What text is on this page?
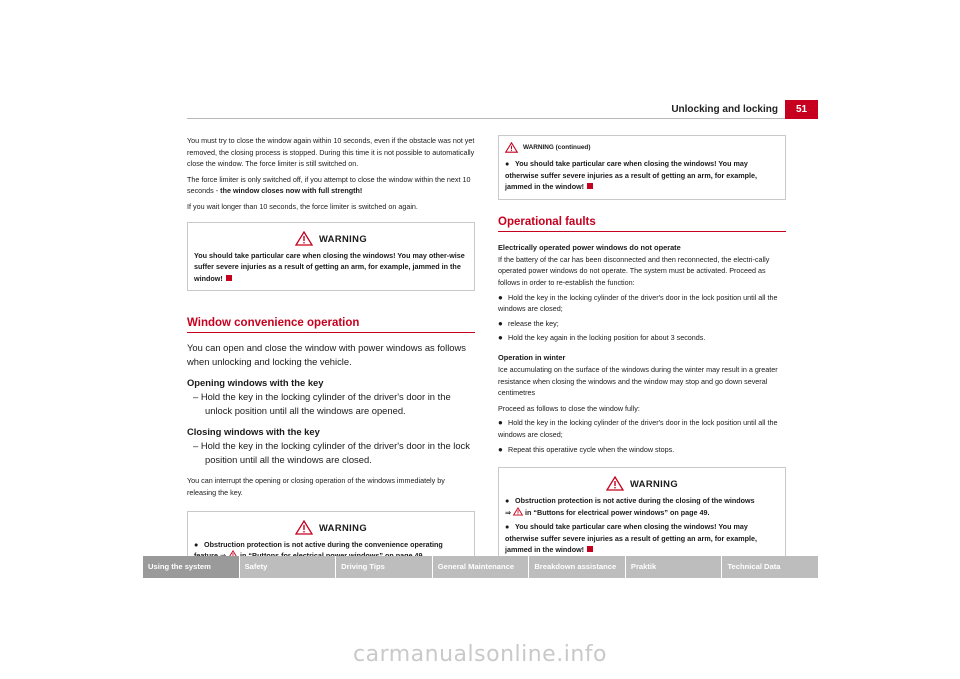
Unlocking and locking	51

You must try to close the window again within 10 seconds, even if the obstacle was not yet removed, the closing process is stopped. During this time it is not possible to automatically close the window. The force limiter is still switched on.

The force limiter is only switched off, if you attempt to close the window within the next 10 seconds - the window closes now with full strength!

If you wait longer than 10 seconds, the force limiter is switched on again.

WARNING

You should take particular care when closing the windows! You may other-wise suffer severe injuries as a result of getting an arm, for example, jammed in the window!

Window convenience operation

You can open and close the window with power windows as follows when unlocking and locking the vehicle.

Opening windows with the key

– Hold the key in the locking cylinder of the driver's door in the unlock position until all the windows are opened.

Closing windows with the key

– Hold the key in the locking cylinder of the driver's door in the lock position until all the windows are closed.

You can interrupt the opening or closing operation of the windows immediately by releasing the key.

WARNING

● Obstruction protection is not active during the convenience operating

WARNING (continued)

● You should take particular care when closing the windows! You may otherwise suffer severe injuries as a result of getting an arm, for example, jammed in the window!

Operational faults

Electrically operated power windows do not operate

If the battery of the car has been disconnected and then reconnected, the electri-cally operated power windows do not operate. The system must be activated. Proceed as follows in order to re-establish the function:

● Hold the key in the locking cylinder of the driver's door in the lock position until all the windows are closed;

● release the key;

● Hold the key again in the locking position for about 3 seconds.

Operation in winter

Ice accumulating on the surface of the windows during the winter may result in a greater resistance when closing the windows and the window may stop and go down several centimetres

Proceed as follows to close the window fully:

● Hold the key in the locking cylinder of the driver's door in the lock position until all the windows are closed;

● Repeat this operatiive cycle when the window stops.

WARNING

● Obstruction protection is not active during the closing of the windows
⇒  in “Buttons for electrical power windows” on page 49.

● You should take particular care when closing the windows! You may otherwise suffer severe injuries as a result of getting an arm, for example, jammed in the window!

Using the system	Safety	Driving Tips	General Maintenance	Breakdown assistance	Praktik	Technical Data
carmanualsonline.info
